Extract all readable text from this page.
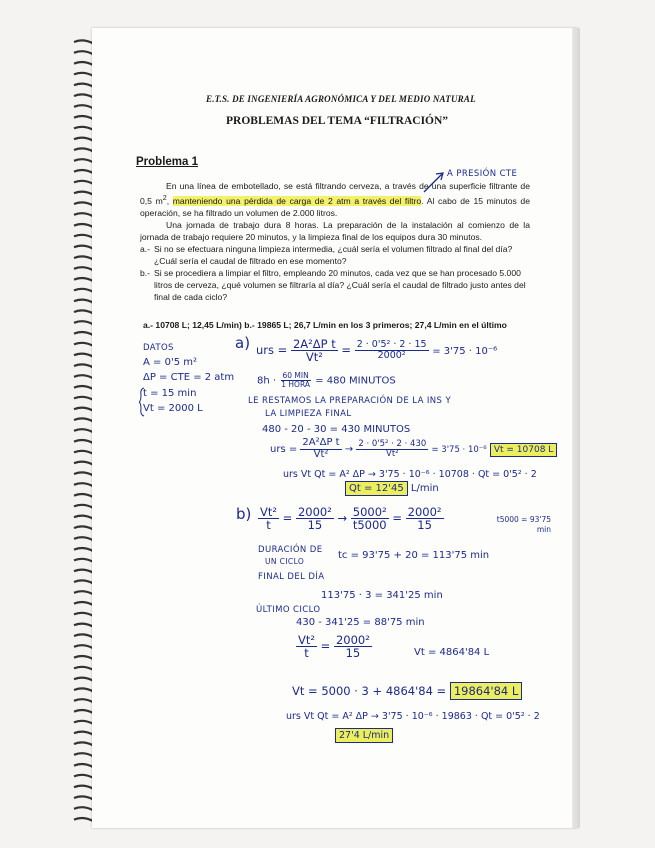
E.T.S. DE INGENIERÍA AGRONÓMICA Y DEL MEDIO NATURAL
PROBLEMAS DEL TEMA “FILTRACIÓN”
Problema 1

En una línea de embotellado, se está filtrando cerveza, a través de una superficie filtrante de 0,5 $m^2$, manteniendo una pérdida de carga de 2 atm a través del filtro. Al cabo de 15 minutos de operación, se ha filtrado un volumen de 2.000 litros.

Una jornada de trabajo dura 8 horas. La preparación de la instalación al comienzo de la jornada de trabajo requiere 20 minutos, y la limpieza final de los equipos dura 30 minutos.

a.- Si no se efectuara ninguna limpieza intermedia, ¿cuál sería el volumen filtrado al final del día? ¿Cuál sería el caudal de filtrado en ese momento?
b.- Si se procediera a limpiar el filtro, empleando 20 minutos, cada vez que se han procesado 5.000 litros de cerveza, ¿qué volumen se filtraría al día? ¿Cuál sería el caudal de filtrado justo antes del final de cada ciclo?
a.- 10708 L; 12,45 L/min) b.- 19865 L; 26,7 L/min en los 3 primeros; 27,4 L/min en el último
A PRESIÓN CTE
DATOS
A = 0'5 m²
ΔP = CTE = 2 atm
t = 15 min
Vt = 2000 L
a) urs = $\frac{\text{2A²ΔP t}}{\text{Vt²}} = \frac{\text{2 · 0'5² · 2 · 15}}{\text{2000²}} = 3'75 \cdot 10^{-6}$
$8h \cdot \frac{\text{60 MIN}}{\text{1 HORA}} = 480$ MINUTOS
LE RESTAMOS LA PREPARACIÓN DE LA INS Y
LA LIMPIEZA FINAL
480 - 20 - 30 = 430 MINUTOS
urs = $\frac{\text{2A²ΔP t}}{\text{Vt²}} \to \frac{\text{2 · 0'5² · 2 · 430}}{\text{Vt²}} = 3'75 \cdot 10^{-6}$ Vt = 10708 L
urs Vt Qt = A² ΔP → 3'75 · 10⁻⁶ · 10708 · Qt = 0'5² · 2
Qt = 12'45 L/min
$b) \frac{\text{Vt²}}{t} = \frac{\text{2000²}}{15} \to \frac{\text{5000²}}{t5000} = \frac{\text{2000²}}{15}$	t5000 = 93'75 min
DURACIÓN DE
UN CICLO
tc = 93'75 + 20 = 113'75 min
FINAL DEL DÍA
113'75 · 3 = 341'25 min
ÚLTIMO CICLO
430 - 341'25 = 88'75 min
$\frac{\text{Vt²}}{t} = \frac{\text{2000²}}{15}$	Vt = 4864'84 L
Vt = 5000 · 3 + 4864'84 = 19864'84 L
urs Vt Qt = A² ΔP → 3'75 · 10⁻⁶ · 19863 · Qt = 0'5² · 2
27'4 L/min
